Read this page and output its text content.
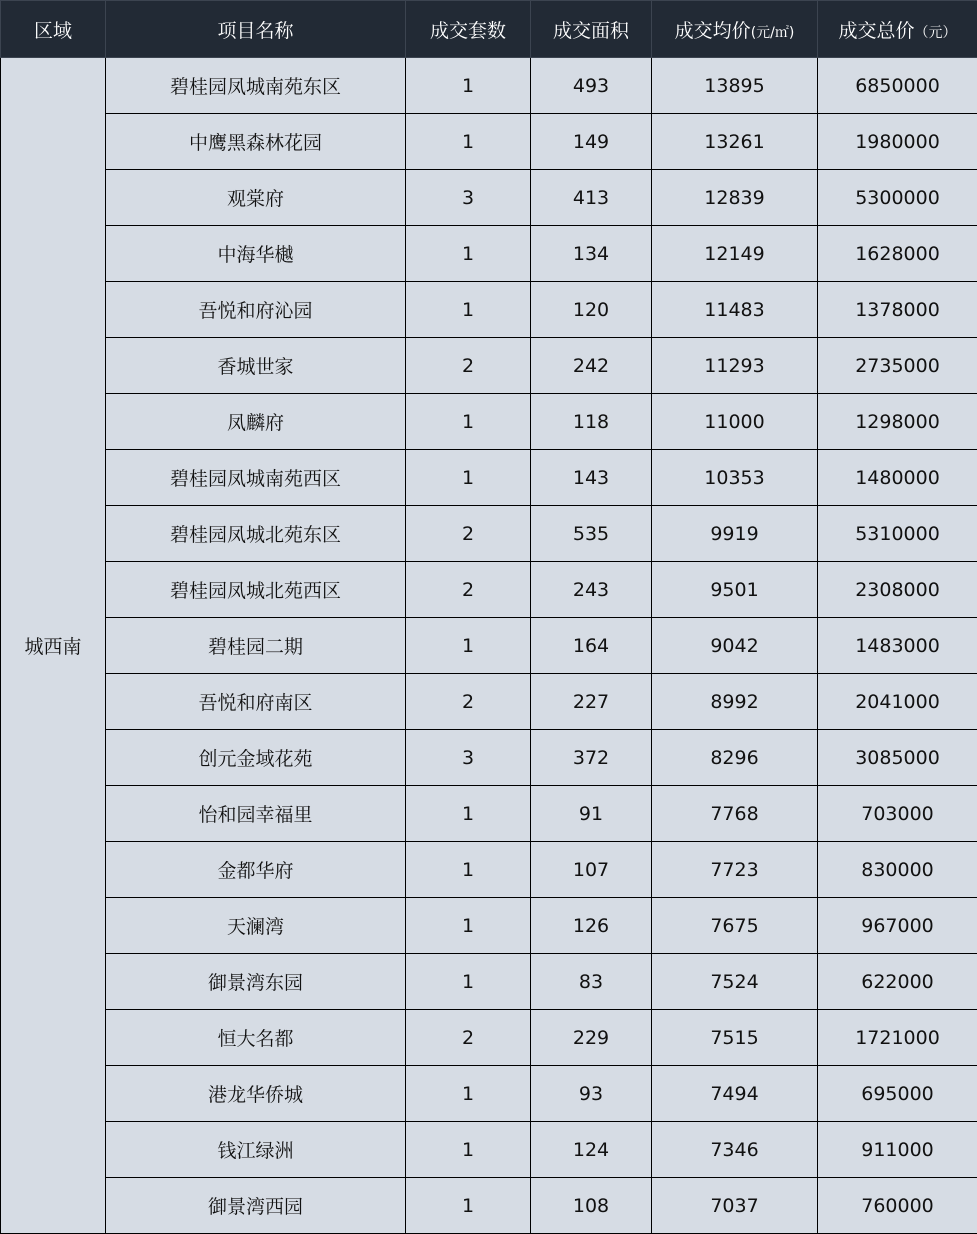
区域	项目名称	成交套数	成交面积	成交均价(元/㎡)	成交总价（元）
城西南	碧桂园凤城南苑东区	1	493	13895	6850000
	中鹰黑森林花园	1	149	13261	1980000
	观棠府	3	413	12839	5300000
	中海华樾	1	134	12149	1628000
	吾悦和府沁园	1	120	11483	1378000
	香城世家	2	242	11293	2735000
	凤麟府	1	118	11000	1298000
	碧桂园凤城南苑西区	1	143	10353	1480000
	碧桂园凤城北苑东区	2	535	9919	5310000
	碧桂园凤城北苑西区	2	243	9501	2308000
	碧桂园二期	1	164	9042	1483000
	吾悦和府南区	2	227	8992	2041000
	创元金域花苑	3	372	8296	3085000
	怡和园幸福里	1	91	7768	703000
	金都华府	1	107	7723	830000
	天澜湾	1	126	7675	967000
	御景湾东园	1	83	7524	622000
	恒大名都	2	229	7515	1721000
	港龙华侨城	1	93	7494	695000
	钱江绿洲	1	124	7346	911000
	御景湾西园	1	108	7037	760000
